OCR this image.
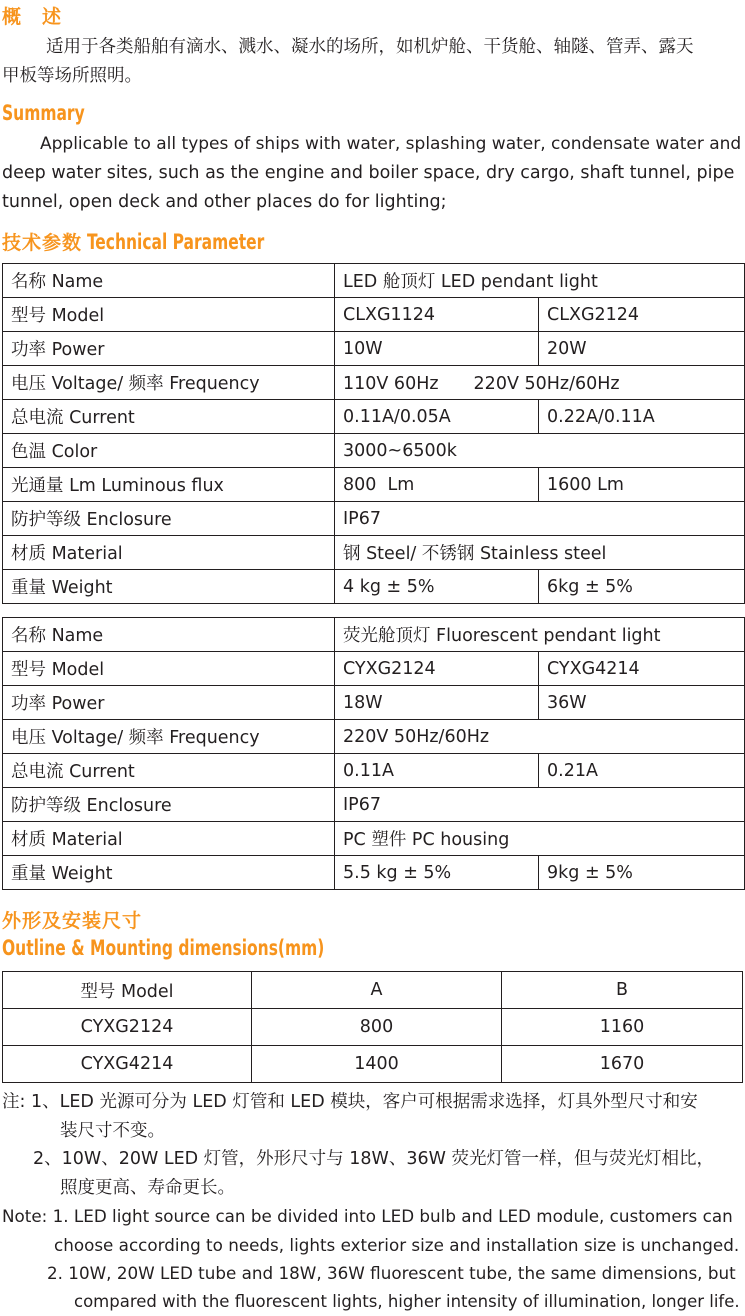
概　述

适用于各类船舶有滴水、溅水、凝水的场所，如机炉舱、干货舱、轴隧、管弄、露天

甲板等场所照明。

Summary

Applicable to all types of ships with water, splashing water, condensate water and

deep water sites, such as the engine and boiler space, dry cargo, shaft tunnel, pipe

tunnel, open deck and other places do for lighting;

技术参数 Technical Parameter
名称 Name	LED 舱顶灯 LED pendant light	
型号 Model	CLXG1124	CLXG2124
功率 Power	10W	20W
电压 Voltage/ 频率 Frequency	110V 60Hz　　220V 50Hz/60Hz	
总电流 Current	0.11A/0.05A	0.22A/0.11A
色温 Color	3000~6500k	
光通量 Lm Luminous flux	800  Lm	1600 Lm
防护等级 Enclosure	IP67	
材质 Material	钢 Steel/ 不锈钢 Stainless steel	
重量 Weight	4 kg ± 5%	6kg ± 5%
名称 Name	荧光舱顶灯 Fluorescent pendant light	
型号 Model	CYXG2124	CYXG4214
功率 Power	18W	36W
电压 Voltage/ 频率 Frequency	220V 50Hz/60Hz	
总电流 Current	0.11A	0.21A
防护等级 Enclosure	IP67	
材质 Material	PC 塑件 PC housing	
重量 Weight	5.5 kg ± 5%	9kg ± 5%
外形及安装尺寸
Outline & Mounting dimensions(mm)
型号 Model	A	B
CYXG2124	800	1160
CYXG4214	1400	1670

注: 1、LED 光源可分为 LED 灯管和 LED 模块，客户可根据需求选择，灯具外型尺寸和安

装尺寸不变。

2、10W、20W LED 灯管，外形尺寸与 18W、36W 荧光灯管一样，但与荧光灯相比，

照度更高、寿命更长。

Note: 1. LED light source can be divided into LED bulb and LED module, customers can

choose according to needs, lights exterior size and installation size is unchanged.

2. 10W, 20W LED tube and 18W, 36W fluorescent tube, the same dimensions, but

compared with the fluorescent lights, higher intensity of illumination, longer life.
